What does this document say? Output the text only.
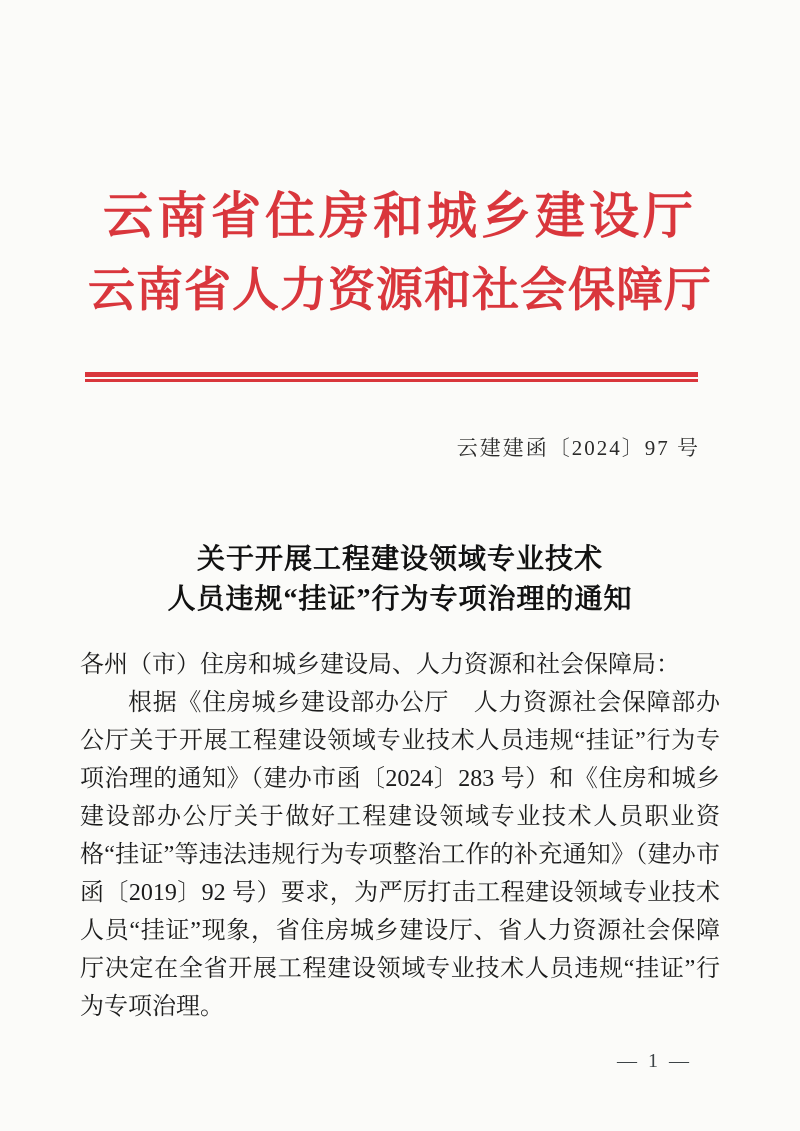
云南省住房和城乡建设厅
云南省人力资源和社会保障厅
云建建函〔2024〕97 号
关于开展工程建设领域专业技术
人员违规“挂证”行为专项治理的通知

各州（市）住房和城乡建设局、人力资源和社会保障局：

根据《住房城乡建设部办公厅　人力资源社会保障部办公厅关于开展工程建设领域专业技术人员违规“挂证”行为专项治理的通知》（建办市函〔2024〕283 号）和《住房和城乡建设部办公厅关于做好工程建设领域专业技术人员职业资格“挂证”等违法违规行为专项整治工作的补充通知》（建办市函〔2019〕92 号）要求，为严厉打击工程建设领域专业技术人员“挂证”现象，省住房城乡建设厅、省人力资源社会保障厅决定在全省开展工程建设领域专业技术人员违规“挂证”行为专项治理。

— 1 —
